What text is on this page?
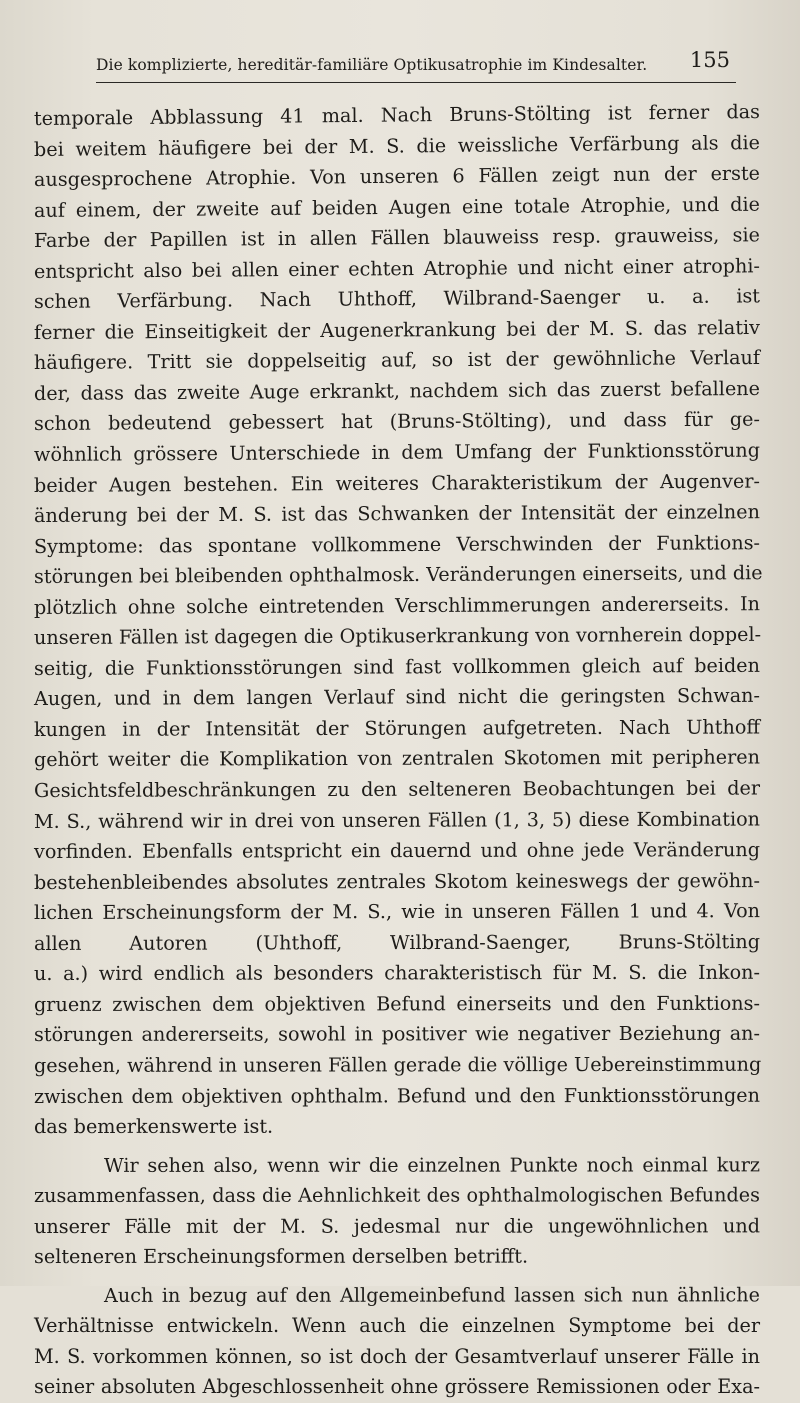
Die komplizierte, hereditär-familiäre Optikusatrophie im Kindesalter. 155
temporale Abblassung 41 mal. Nach Bruns-Stölting ist ferner das
bei weitem häufigere bei der M. S. die weissliche Verfärbung als die
ausgesprochene Atrophie. Von unseren 6 Fällen zeigt nun der erste
auf einem, der zweite auf beiden Augen eine totale Atrophie, und die
Farbe der Papillen ist in allen Fällen blauweiss resp. grauweiss, sie
entspricht also bei allen einer echten Atrophie und nicht einer atrophi-
schen Verfärbung. Nach Uhthoff, Wilbrand-Saenger u. a. ist
ferner die Einseitigkeit der Augenerkrankung bei der M. S. das relativ
häufigere. Tritt sie doppelseitig auf, so ist der gewöhnliche Verlauf
der, dass das zweite Auge erkrankt, nachdem sich das zuerst befallene
schon bedeutend gebessert hat (Bruns-Stölting), und dass für ge-
wöhnlich grössere Unterschiede in dem Umfang der Funktionsstörung
beider Augen bestehen. Ein weiteres Charakteristikum der Augenver-
änderung bei der M. S. ist das Schwanken der Intensität der einzelnen
Symptome: das spontane vollkommene Verschwinden der Funktions-
störungen bei bleibenden ophthalmosk. Veränderungen einerseits, und die
plötzlich ohne solche eintretenden Verschlimmerungen andererseits. In
unseren Fällen ist dagegen die Optikuserkrankung von vornherein doppel-
seitig, die Funktionsstörungen sind fast vollkommen gleich auf beiden
Augen, und in dem langen Verlauf sind nicht die geringsten Schwan-
kungen in der Intensität der Störungen aufgetreten. Nach Uhthoff
gehört weiter die Komplikation von zentralen Skotomen mit peripheren
Gesichtsfeldbeschränkungen zu den selteneren Beobachtungen bei der
M. S., während wir in drei von unseren Fällen (1, 3, 5) diese Kombination
vorfinden. Ebenfalls entspricht ein dauernd und ohne jede Veränderung
bestehenbleibendes absolutes zentrales Skotom keineswegs der gewöhn-
lichen Erscheinungsform der M. S., wie in unseren Fällen 1 und 4. Von
allen Autoren (Uhthoff, Wilbrand-Saenger, Bruns-Stölting
u. a.) wird endlich als besonders charakteristisch für M. S. die Inkon-
gruenz zwischen dem objektiven Befund einerseits und den Funktions-
störungen andererseits, sowohl in positiver wie negativer Beziehung an-
gesehen, während in unseren Fällen gerade die völlige Uebereinstimmung
zwischen dem objektiven ophthalm. Befund und den Funktionsstörungen
das bemerkenswerte ist.
Wir sehen also, wenn wir die einzelnen Punkte noch einmal kurz
zusammenfassen, dass die Aehnlichkeit des ophthalmologischen Befundes
unserer Fälle mit der M. S. jedesmal nur die ungewöhnlichen und
selteneren Erscheinungsformen derselben betrifft.
Auch in bezug auf den Allgemeinbefund lassen sich nun ähnliche
Verhältnisse entwickeln. Wenn auch die einzelnen Symptome bei der
M. S. vorkommen können, so ist doch der Gesamtverlauf unserer Fälle in
seiner absoluten Abgeschlossenheit ohne grössere Remissionen oder Exa-
